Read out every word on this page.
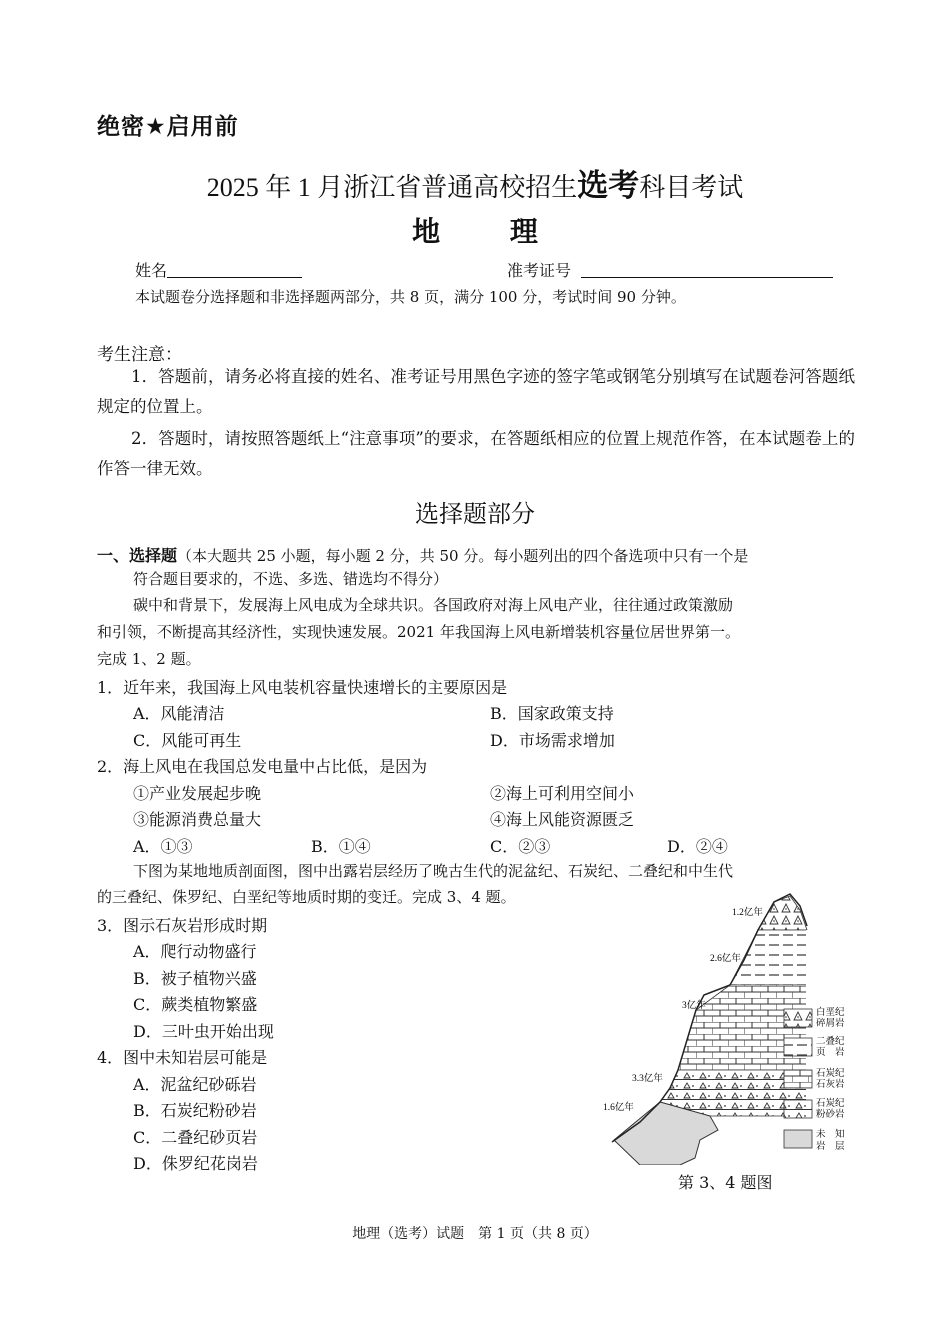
绝密★启用前
2025 年 1 月浙江省普通高校招生选考科目考试
地 理
姓名	准考证号
本试题卷分选择题和非选择题两部分，共 8 页，满分 100 分，考试时间 90 分钟。
考生注意：
1．答题前，请务必将直接的姓名、准考证号用黑色字迹的签字笔或钢笔分别填写在试题卷河答题纸规定的位置上。
2．答题时，请按照答题纸上“注意事项”的要求，在答题纸相应的位置上规范作答，在本试题卷上的作答一律无效。
选择题部分
一、选择题（本大题共 25 小题，每小题 2 分，共 50 分。每小题列出的四个备选项中只有一个是
符合题目要求的，不选、多选、错选均不得分）
碳中和背景下，发展海上风电成为全球共识。各国政府对海上风电产业，往往通过政策激励
和引领，不断提高其经济性，实现快速发展。2021 年我国海上风电新增装机容量位居世界第一。
完成 1、2 题。
1．近年来，我国海上风电装机容量快速增长的主要原因是
A．风能清洁	B．国家政策支持
C．风能可再生	D．市场需求增加
2．海上风电在我国总发电量中占比低，是因为
①产业发展起步晚	②海上可利用空间小
③能源消费总量大	④海上风能资源匮乏
A．①③	B．①④	C．②③	D．②④
下图为某地地质剖面图，图中出露岩层经历了晚古生代的泥盆纪、石炭纪、二叠纪和中生代
的三叠纪、侏罗纪、白垩纪等地质时期的变迁。完成 3、4 题。
3．图示石灰岩形成时期
A．爬行动物盛行
B．被子植物兴盛
C．蕨类植物繁盛
D．三叶虫开始出现
4．图中未知岩层可能是
A．泥盆纪砂砾岩
B．石炭纪粉砂岩
C．二叠纪砂页岩
D．侏罗纪花岗岩
1.2亿年
2.6亿年
3亿年
3.3亿年
1.6亿年
白垩纪
碎屑岩
二叠纪
页　岩
石炭纪
石灰岩
石炭纪
粉砂岩
未　知
岩　层
第 3、4 题图
地理（选考）试题　第 1 页（共 8 页）
